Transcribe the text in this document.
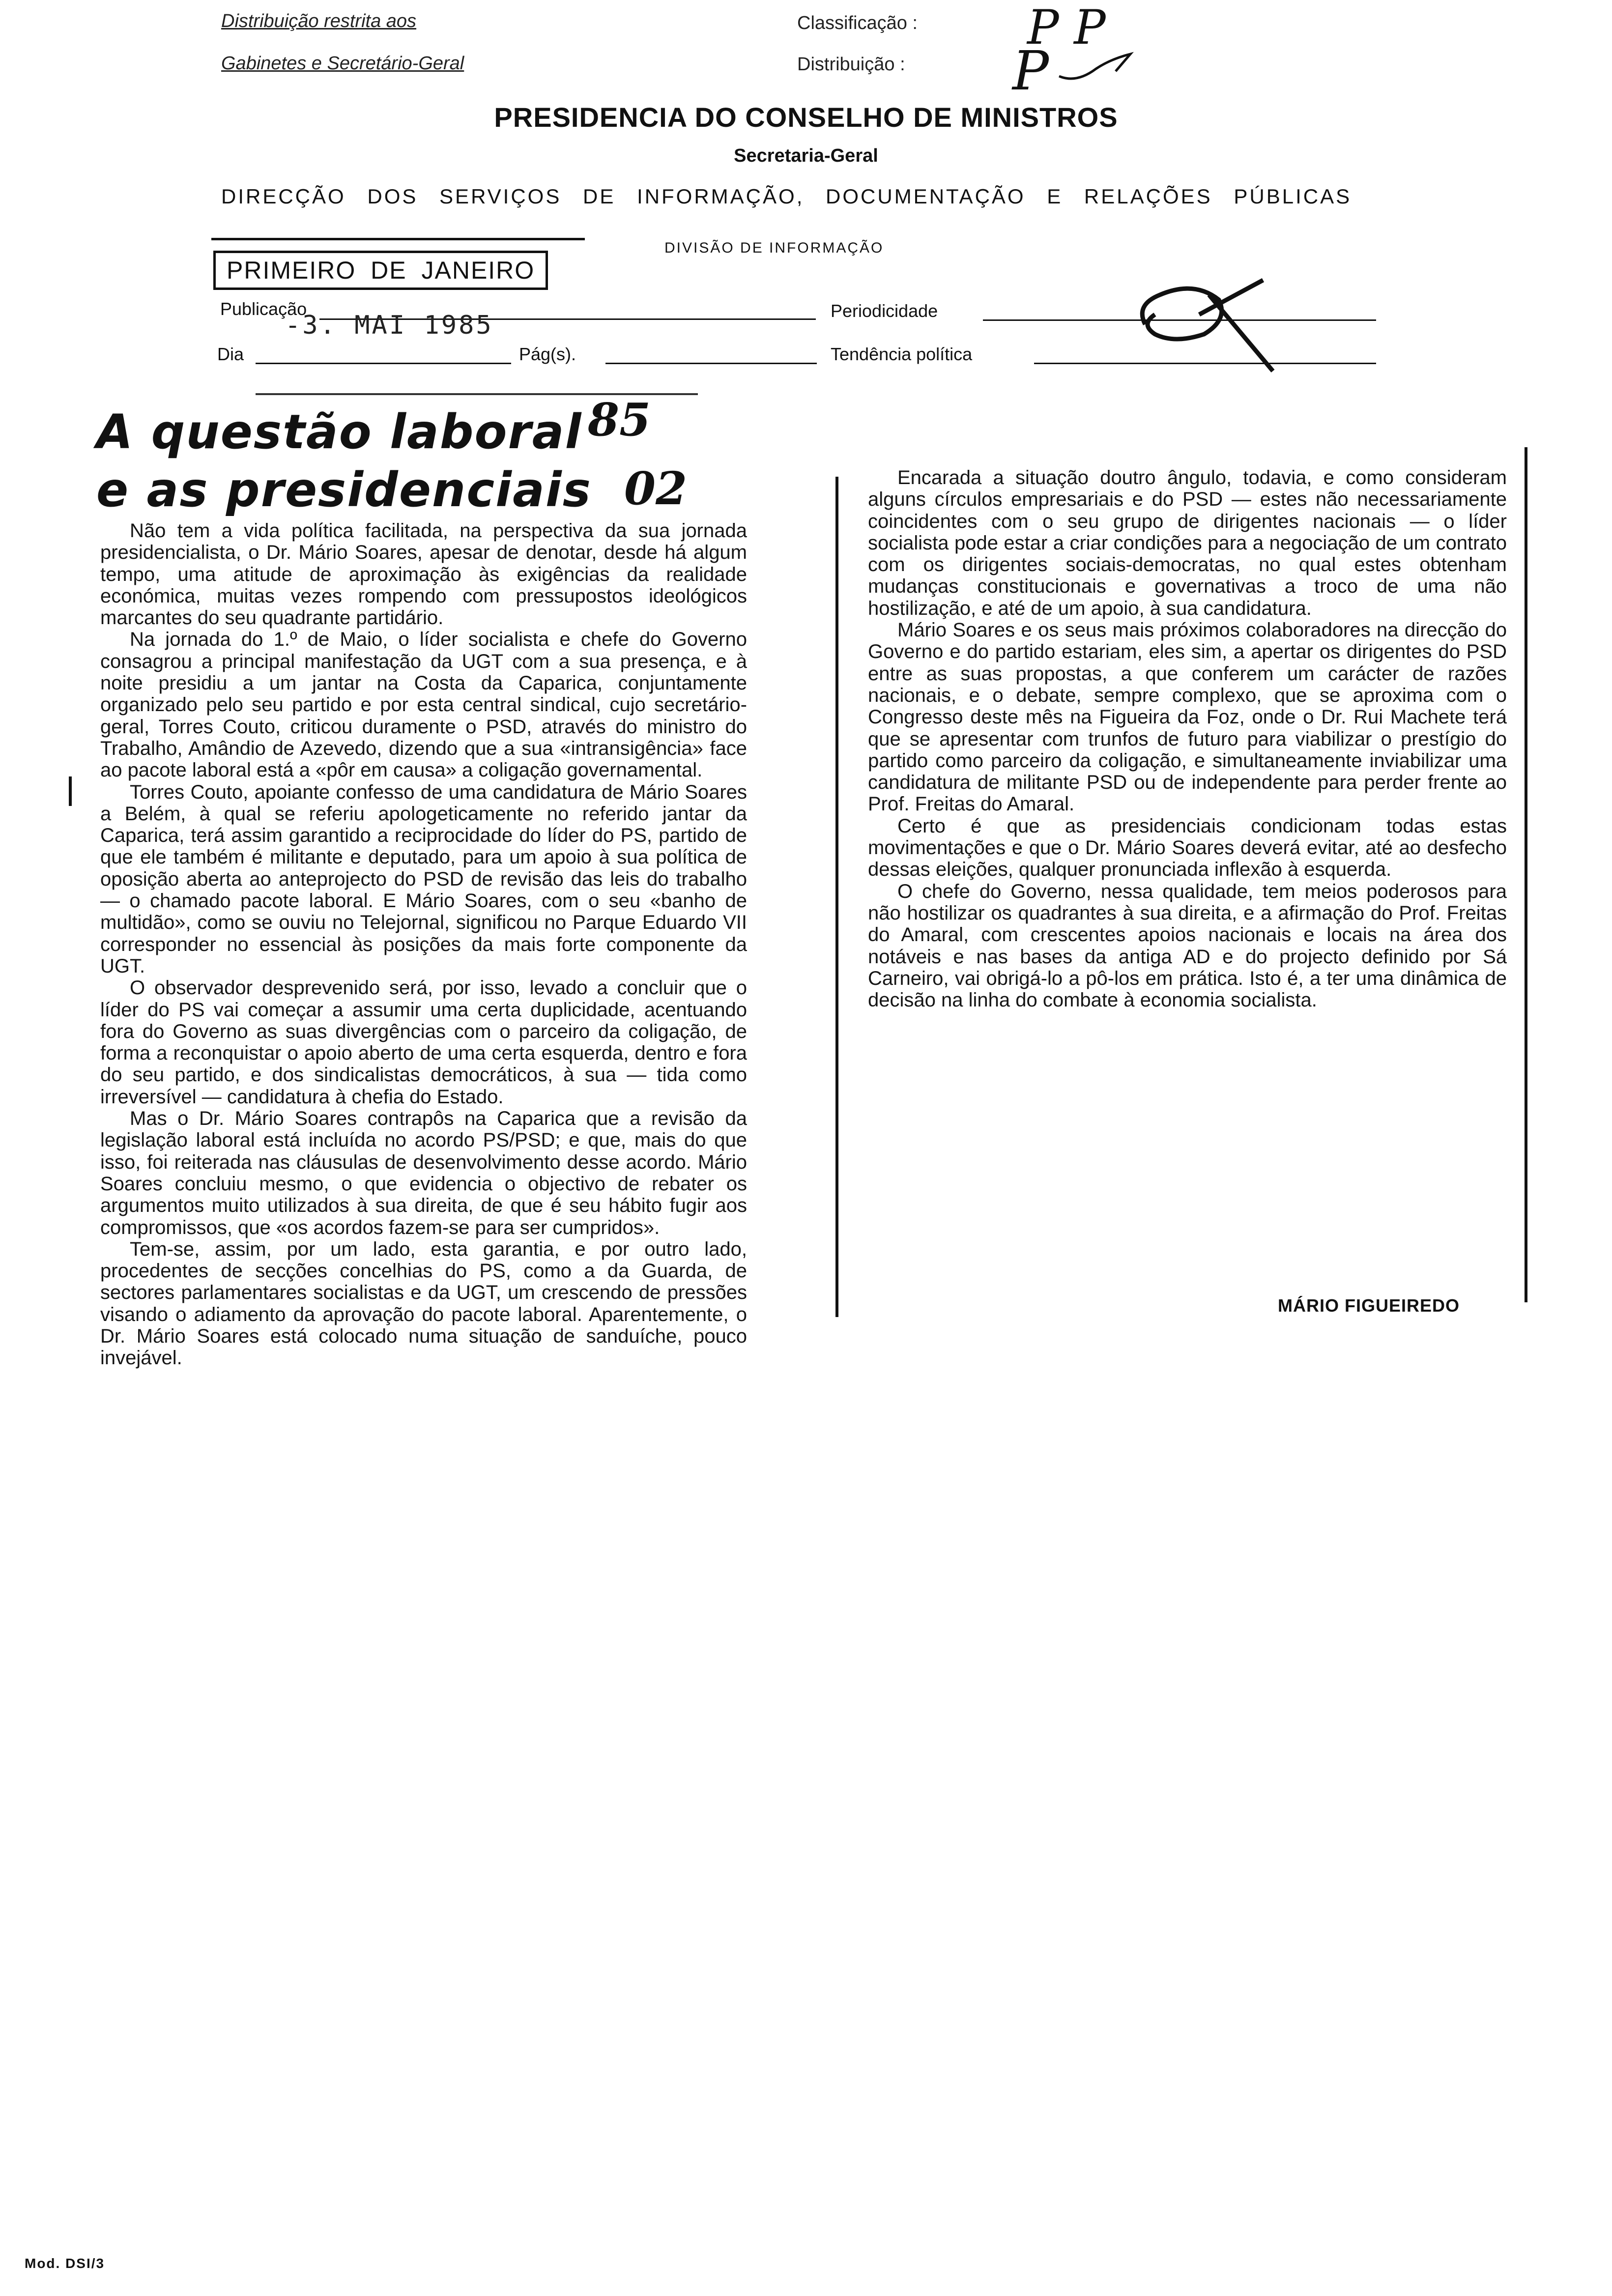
Distribuição restrita aos
Gabinetes e Secretário-Geral
Classificação :
Distribuição :
P P
P
PRESIDENCIA DO CONSELHO DE MINISTROS
Secretaria-Geral
DIRECÇÃO DOS SERVIÇOS DE INFORMAÇÃO, DOCUMENTAÇÃO E RELAÇÕES PÚBLICAS
DIVISÃO DE INFORMAÇÃO
PRIMEIRO DE JANEIRO
Publicação
-3. MAI 1985	Periodicidade
Dia	Pág(s).	Tendência política
A questão laboral
e as presidenciais
85
02

Não tem a vida política facilitada, na perspectiva da sua jornada presidencialista, o Dr. Mário Soares, apesar de denotar, desde há algum tempo, uma atitude de aproximação às exigências da realidade económica, muitas vezes rompendo com pressupostos ideológicos marcantes do seu quadrante partidário.

Na jornada do 1.º de Maio, o líder socialista e chefe do Governo consagrou a principal manifestação da UGT com a sua presença, e à noite presidiu a um jantar na Costa da Caparica, conjuntamente organizado pelo seu partido e por esta central sindical, cujo secretário-geral, Torres Couto, criticou duramente o PSD, através do ministro do Trabalho, Amândio de Azevedo, dizendo que a sua «intransigência» face ao pacote laboral está a «pôr em causa» a coligação governamental.

Torres Couto, apoiante confesso de uma candidatura de Mário Soares a Belém, à qual se referiu apologeticamente no referido jantar da Caparica, terá assim garantido a reciprocidade do líder do PS, partido de que ele também é militante e deputado, para um apoio à sua política de oposição aberta ao anteprojecto do PSD de revisão das leis do trabalho — o chamado pacote laboral. E Mário Soares, com o seu «banho de multidão», como se ouviu no Telejornal, significou no Parque Eduardo VII corresponder no essencial às posições da mais forte componente da UGT.

O observador desprevenido será, por isso, levado a concluir que o líder do PS vai começar a assumir uma certa duplicidade, acentuando fora do Governo as suas divergências com o parceiro da coligação, de forma a reconquistar o apoio aberto de uma certa esquerda, dentro e fora do seu partido, e dos sindicalistas democráticos, à sua — tida como irreversível — candidatura à chefia do Estado.

Mas o Dr. Mário Soares contrapôs na Caparica que a revisão da legislação laboral está incluída no acordo PS/PSD; e que, mais do que isso, foi reiterada nas cláusulas de desenvolvimento desse acordo. Mário Soares concluiu mesmo, o que evidencia o objectivo de rebater os argumentos muito utilizados à sua direita, de que é seu hábito fugir aos compromissos, que «os acordos fazem-se para ser cumpridos».

Tem-se, assim, por um lado, esta garantia, e por outro lado, procedentes de secções concelhias do PS, como a da Guarda, de sectores parlamentares socialistas e da UGT, um crescendo de pressões visando o adiamento da aprovação do pacote laboral. Aparentemente, o Dr. Mário Soares está colocado numa situação de sanduíche, pouco invejável.

Encarada a situação doutro ângulo, todavia, e como consideram alguns círculos empresariais e do PSD — estes não necessariamente coincidentes com o seu grupo de dirigentes nacionais — o líder socialista pode estar a criar condições para a negociação de um contrato com os dirigentes sociais-democratas, no qual estes obtenham mudanças constitucionais e governativas a troco de uma não hostilização, e até de um apoio, à sua candidatura.

Mário Soares e os seus mais próximos colaboradores na direcção do Governo e do partido estariam, eles sim, a apertar os dirigentes do PSD entre as suas propostas, a que conferem um carácter de razões nacionais, e o debate, sempre complexo, que se aproxima com o Congresso deste mês na Figueira da Foz, onde o Dr. Rui Machete terá que se apresentar com trunfos de futuro para viabilizar o prestígio do partido como parceiro da coligação, e simultaneamente inviabilizar uma candidatura de militante PSD ou de independente para perder frente ao Prof. Freitas do Amaral.

Certo é que as presidenciais condicionam todas estas movimentações e que o Dr. Mário Soares deverá evitar, até ao desfecho dessas eleições, qualquer pronunciada inflexão à esquerda.

O chefe do Governo, nessa qualidade, tem meios poderosos para não hostilizar os quadrantes à sua direita, e a afirmação do Prof. Freitas do Amaral, com crescentes apoios nacionais e locais na área dos notáveis e nas bases da antiga AD e do projecto definido por Sá Carneiro, vai obrigá-lo a pô-los em prática. Isto é, a ter uma dinâmica de decisão na linha do combate à economia socialista.

MÁRIO FIGUEIREDO
Mod. DSI/3
